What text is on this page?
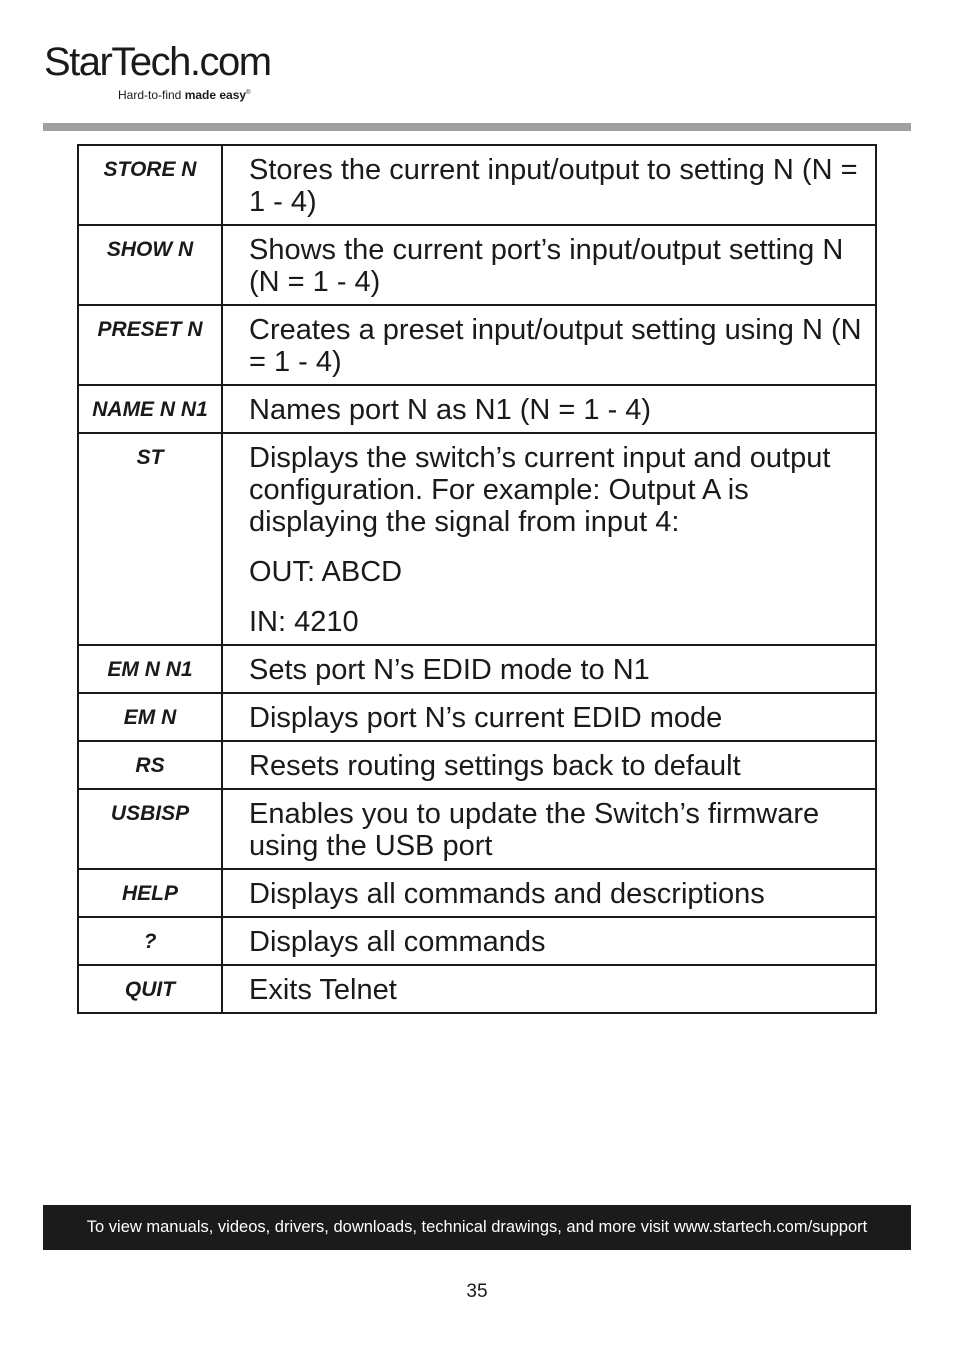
StarTech.com
Hard-to-find made easy®
STORE N	Stores the current input/output to setting N (N = 1 - 4)

SHOW N	Shows the current port’s input/output setting N (N = 1 - 4)

PRESET N	Creates a preset input/output setting using N (N = 1 - 4)

NAME N N1	Names port N as N1 (N = 1 - 4)

ST	Displays the switch’s current input and output configuration. For example: Output A is displaying the signal from input 4:
OUT: ABCD
IN: 4210

EM N N1	Sets port N’s EDID mode to N1

EM N	Displays port N’s current EDID mode

RS	Resets routing settings back to default

USBISP	Enables you to update the Switch’s firmware using the USB port

HELP	Displays all commands and descriptions

?	Displays all commands

QUIT	Exits Telnet
To view manuals, videos, drivers, downloads, technical drawings, and more visit www.startech.com/support
35
